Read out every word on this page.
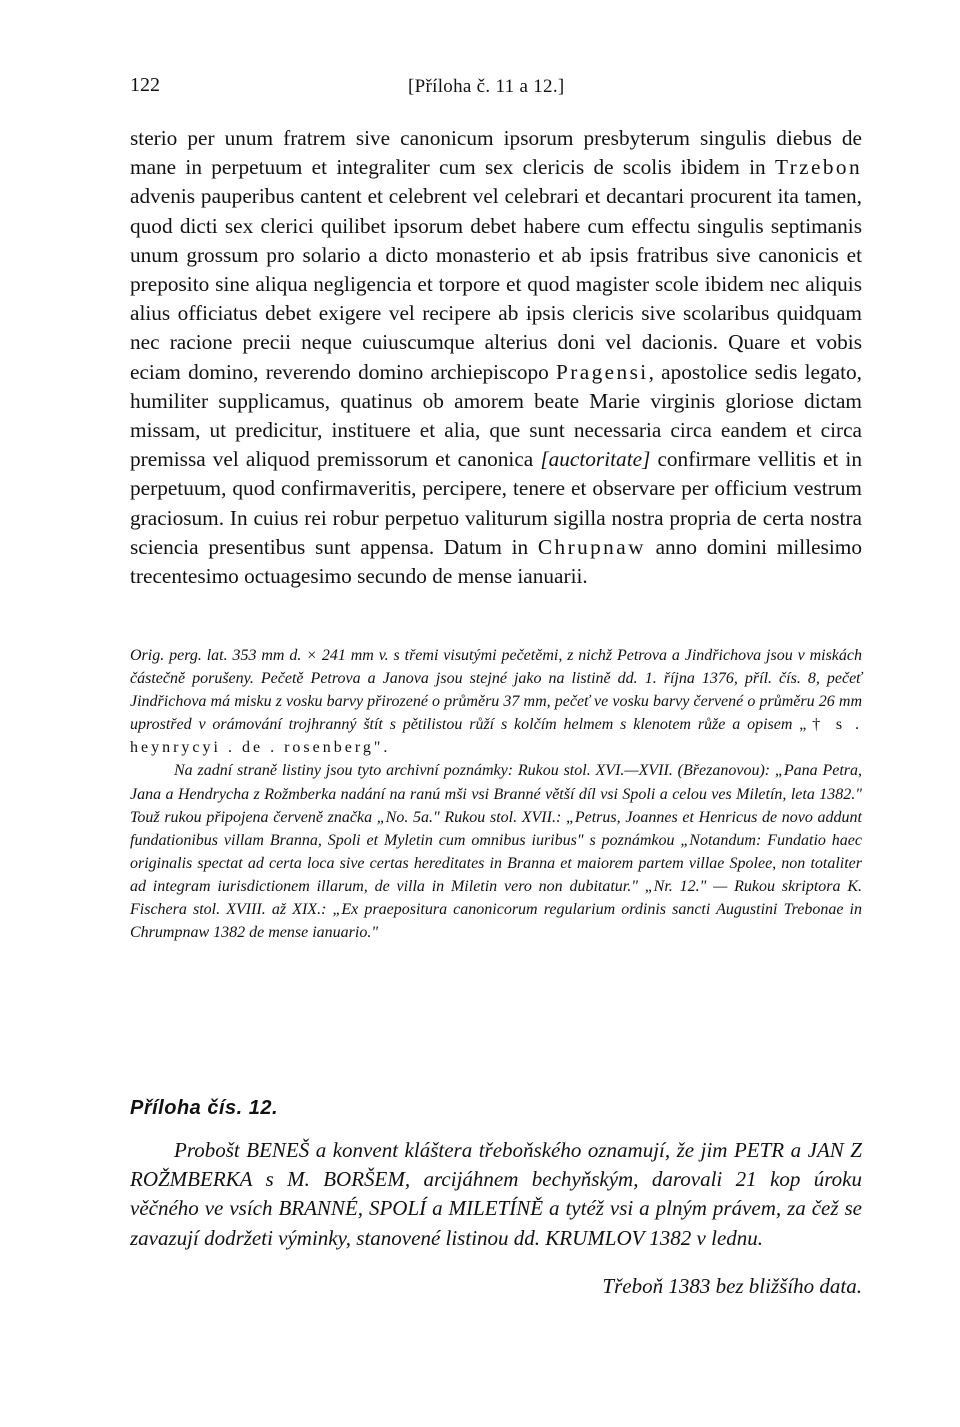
122	[Příloha č. 11 a 12.]

sterio per unum fratrem sive canonicum ipsorum presbyterum singulis diebus de mane in perpetuum et integraliter cum sex clericis de scolis ibidem in Trzebon advenis pauperibus cantent et celebrent vel celebrari et decantari procurent ita tamen, quod dicti sex clerici quilibet ipsorum debet habere cum effectu singulis septimanis unum grossum pro solario a dicto monasterio et ab ipsis fratribus sive canonicis et preposito sine aliqua negligencia et torpore et quod magister scole ibidem nec aliquis alius officiatus debet exigere vel recipere ab ipsis clericis sive scolaribus quidquam nec racione precii neque cuiuscumque alterius doni vel dacionis. Quare et vobis eciam domino, reverendo domino archiepiscopo Pragensi, apostolice sedis legato, humiliter supplicamus, quatinus ob amorem beate Marie virginis gloriose dictam missam, ut predicitur, instituere et alia, que sunt necessaria circa eandem et circa premissa vel aliquod premissorum et canonica [auctoritate] confirmare vellitis et in perpetuum, quod confirmaveritis, percipere, tenere et observare per officium vestrum graciosum. In cuius rei robur perpetuo valiturum sigilla nostra propria de certa nostra sciencia presentibus sunt appensa. Datum in Chrupnaw anno domini millesimo trecentesimo octuagesimo secundo de mense ianuarii.

Orig. perg. lat. 353 mm d. × 241 mm v. s třemi visutými pečetěmi, z nichž Petrova a Jindřichova jsou v miskách částečně porušeny. Pečetě Petrova a Janova jsou stejné jako na listině dd. 1. října 1376, příl. čís. 8, pečeť Jindřichova má misku z vosku barvy přirozené o průměru 37 mm, pečeť ve vosku barvy červené o průměru 26 mm uprostřed v orámování trojhranný štít s pětilistou růží s kolčím helmem s klenotem růže a opisem „† s . heynrycyi . de . rosenberg".

Na zadní straně listiny jsou tyto archivní poznámky: Rukou stol. XVI.—XVII. (Březanovou): „Pana Petra, Jana a Hendrycha z Rožmberka nadání na ranú mši vsi Branné větší díl vsi Spoli a celou ves Miletín, leta 1382." Touž rukou připojena červeně značka „No. 5a." Rukou stol. XVII.: „Petrus, Joannes et Henricus de novo addunt fundationibus villam Branna, Spoli et Myletin cum omnibus iuribus" s poznámkou „Notandum: Fundatio haec originalis spectat ad certa loca sive certas hereditates in Branna et maiorem partem villae Spolee, non totaliter ad integram iurisdictionem illarum, de villa in Miletin vero non dubitatur." „Nr. 12." — Rukou skriptora K. Fischera stol. XVIII. až XIX.: „Ex praepositura canonicorum regularium ordinis sancti Augustini Trebonae in Chrumpnaw 1382 de mense ianuario."

Příloha čís. 12.

Probošt BENEŠ a konvent kláštera třeboňského oznamují, že jim PETR a JAN Z ROŽMBERKA s M. BORŠEM, arcijáhnem bechyňským, darovali 21 kop úroku věčného ve vsích BRANNÉ, SPOLÍ a MILETÍNĚ a tytéž vsi a plným právem, za čež se zavazují dodržeti výminky, stanovené listinou dd. KRUMLOV 1382 v lednu.

Třeboň 1383 bez bližšího data.
